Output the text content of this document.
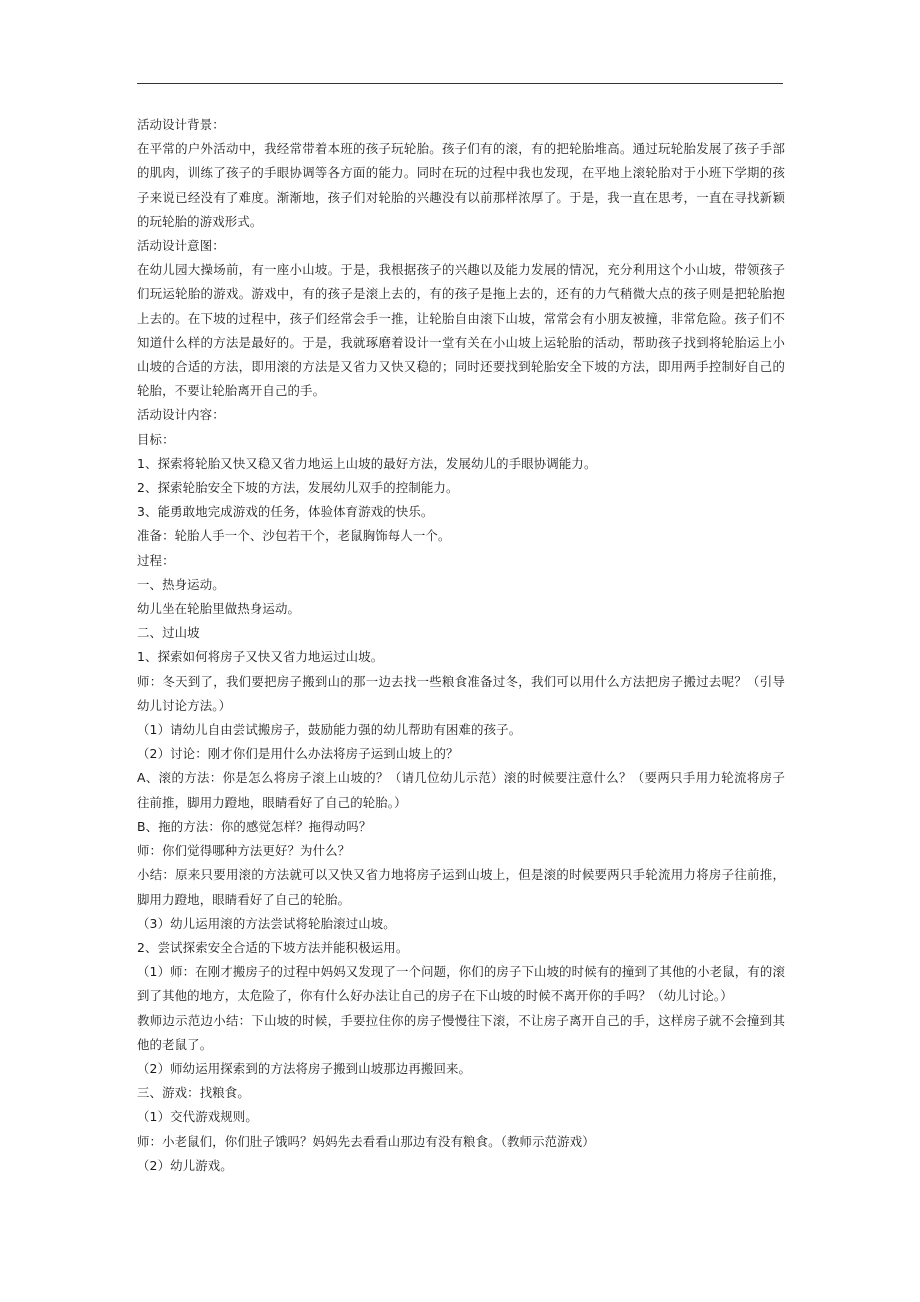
活动设计背景：

在平常的户外活动中，我经常带着本班的孩子玩轮胎。孩子们有的滚，有的把轮胎堆高。通过玩轮胎发展了孩子手部的肌肉，训练了孩子的手眼协调等各方面的能力。同时在玩的过程中我也发现，在平地上滚轮胎对于小班下学期的孩子来说已经没有了难度。渐渐地，孩子们对轮胎的兴趣没有以前那样浓厚了。于是，我一直在思考，一直在寻找新颖的玩轮胎的游戏形式。

活动设计意图：

在幼儿园大操场前，有一座小山坡。于是，我根据孩子的兴趣以及能力发展的情况，充分利用这个小山坡，带领孩子们玩运轮胎的游戏。游戏中，有的孩子是滚上去的，有的孩子是拖上去的，还有的力气稍微大点的孩子则是把轮胎抱上去的。在下坡的过程中，孩子们经常会手一推，让轮胎自由滚下山坡，常常会有小朋友被撞，非常危险。孩子们不知道什么样的方法是最好的。于是，我就琢磨着设计一堂有关在小山坡上运轮胎的活动，帮助孩子找到将轮胎运上小山坡的合适的方法，即用滚的方法是又省力又快又稳的；同时还要找到轮胎安全下坡的方法，即用两手控制好自己的轮胎，不要让轮胎离开自己的手。

活动设计内容：

目标：

1、探索将轮胎又快又稳又省力地运上山坡的最好方法，发展幼儿的手眼协调能力。

2、探索轮胎安全下坡的方法，发展幼儿双手的控制能力。

3、能勇敢地完成游戏的任务，体验体育游戏的快乐。

准备：轮胎人手一个、沙包若干个，老鼠胸饰每人一个。

过程：

一、热身运动。

幼儿坐在轮胎里做热身运动。

二、过山坡

1、探索如何将房子又快又省力地运过山坡。

师：冬天到了，我们要把房子搬到山的那一边去找一些粮食准备过冬，我们可以用什么方法把房子搬过去呢？（引导幼儿讨论方法。）

（1）请幼儿自由尝试搬房子，鼓励能力强的幼儿帮助有困难的孩子。

（2）讨论：刚才你们是用什么办法将房子运到山坡上的？

A、滚的方法：你是怎么将房子滚上山坡的？（请几位幼儿示范）滚的时候要注意什么？（要两只手用力轮流将房子往前推，脚用力蹬地，眼睛看好了自己的轮胎。）

B、拖的方法：你的感觉怎样？拖得动吗？

师：你们觉得哪种方法更好？为什么？

小结：原来只要用滚的方法就可以又快又省力地将房子运到山坡上，但是滚的时候要两只手轮流用力将房子往前推，脚用力蹬地，眼睛看好了自己的轮胎。

（3）幼儿运用滚的方法尝试将轮胎滚过山坡。

2、尝试探索安全合适的下坡方法并能积极运用。

（1）师：在刚才搬房子的过程中妈妈又发现了一个问题，你们的房子下山坡的时候有的撞到了其他的小老鼠，有的滚到了其他的地方，太危险了，你有什么好办法让自己的房子在下山坡的时候不离开你的手吗？（幼儿讨论。）

教师边示范边小结：下山坡的时候，手要拉住你的房子慢慢往下滚，不让房子离开自己的手，这样房子就不会撞到其他的老鼠了。

（2）师幼运用探索到的方法将房子搬到山坡那边再搬回来。

三、游戏：找粮食。

（1）交代游戏规则。

师：小老鼠们，你们肚子饿吗？妈妈先去看看山那边有没有粮食。（教师示范游戏）

（2）幼儿游戏。
